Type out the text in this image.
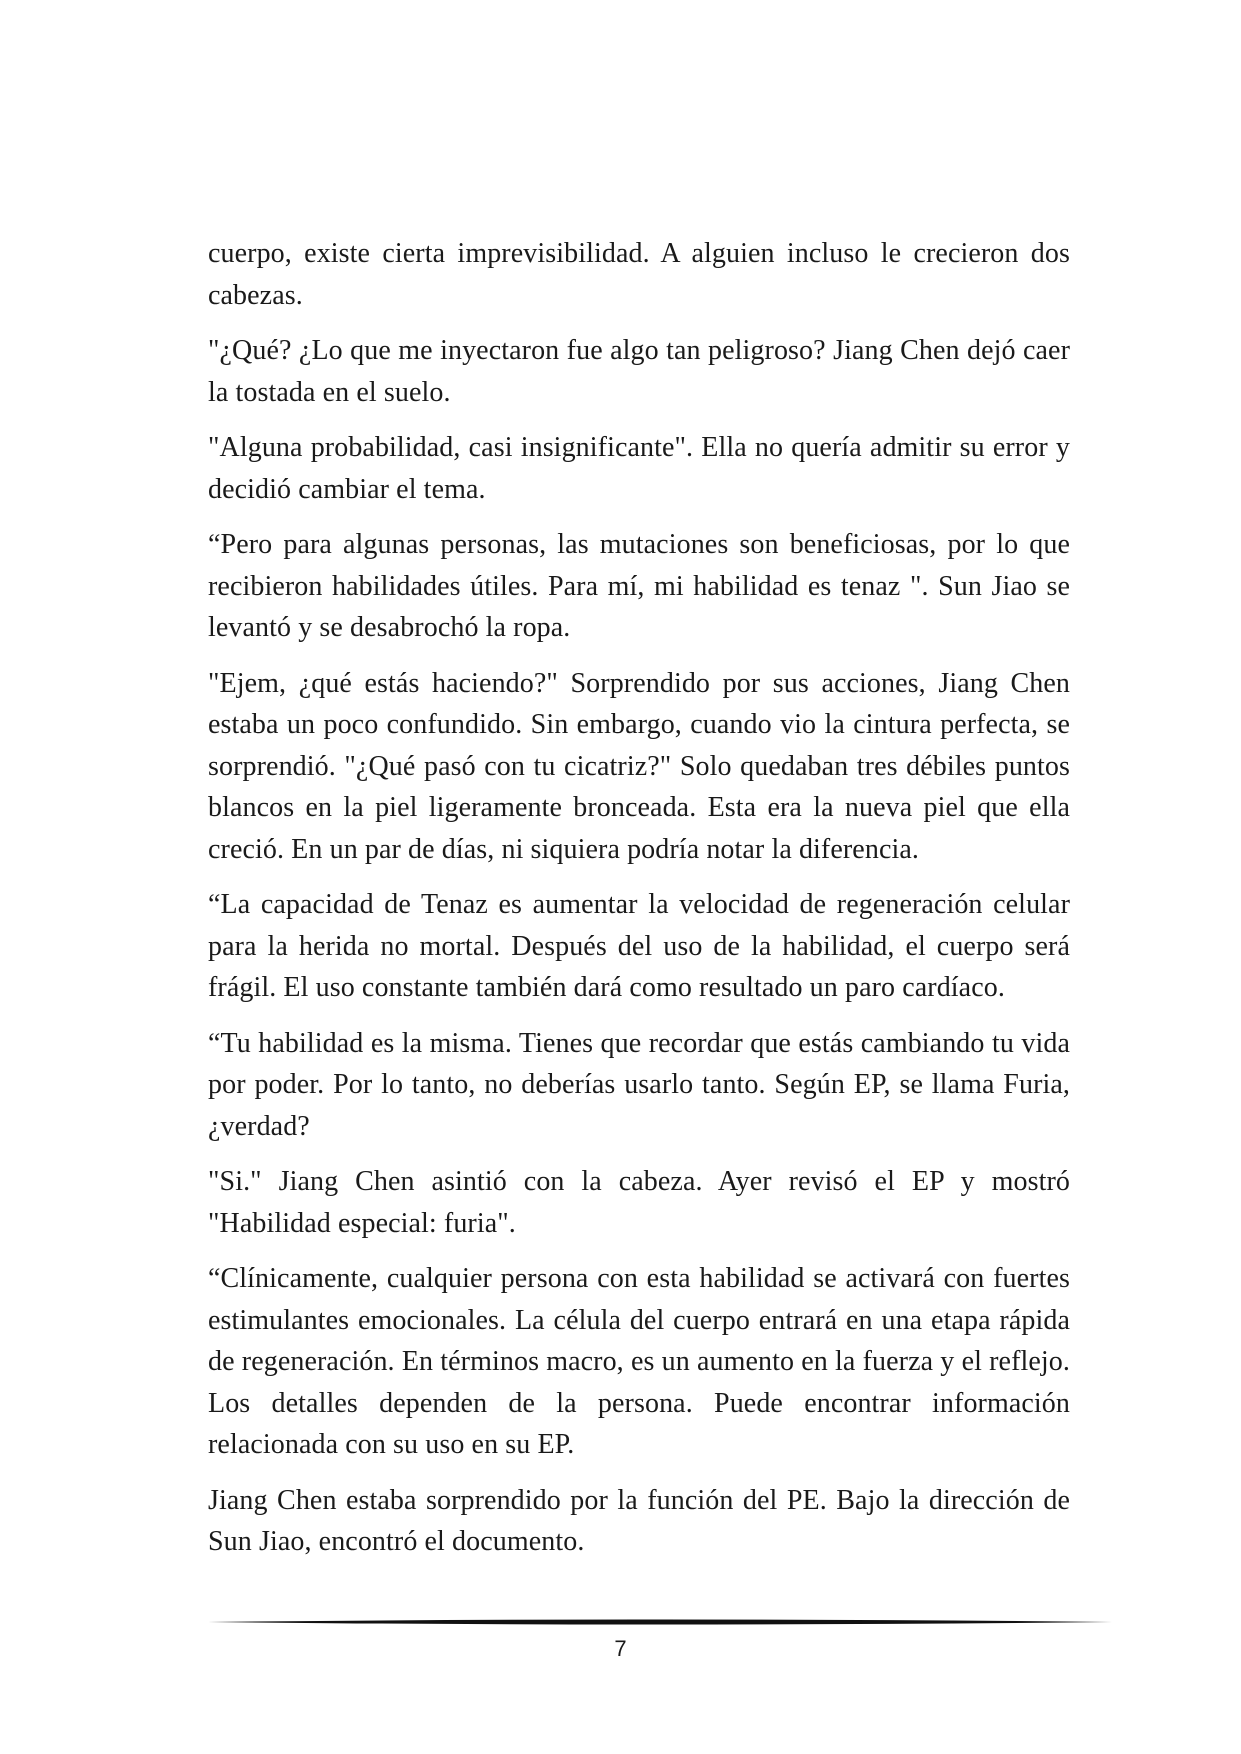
cuerpo, existe cierta imprevisibilidad. A alguien incluso le crecieron dos cabezas.

"¿Qué? ¿Lo que me inyectaron fue algo tan peligroso? Jiang Chen dejó caer la tostada en el suelo.

"Alguna probabilidad, casi insignificante". Ella no quería admitir su error y decidió cambiar el tema.

“Pero para algunas personas, las mutaciones son beneficiosas, por lo que recibieron habilidades útiles. Para mí, mi habilidad es tenaz ". Sun Jiao se levantó y se desabrochó la ropa.

"Ejem, ¿qué estás haciendo?" Sorprendido por sus acciones, Jiang Chen estaba un poco confundido. Sin embargo, cuando vio la cintura perfecta, se sorprendió. "¿Qué pasó con tu cicatriz?" Solo quedaban tres débiles puntos blancos en la piel ligeramente bronceada. Esta era la nueva piel que ella creció. En un par de días, ni siquiera podría notar la diferencia.

“La capacidad de Tenaz es aumentar la velocidad de regeneración celular para la herida no mortal. Después del uso de la habilidad, el cuerpo será frágil. El uso constante también dará como resultado un paro cardíaco.

“Tu habilidad es la misma. Tienes que recordar que estás cambiando tu vida por poder. Por lo tanto, no deberías usarlo tanto. Según EP, se llama Furia, ¿verdad?

"Si." Jiang Chen asintió con la cabeza. Ayer revisó el EP y mostró "Habilidad especial: furia".

“Clínicamente, cualquier persona con esta habilidad se activará con fuertes estimulantes emocionales. La célula del cuerpo entrará en una etapa rápida de regeneración. En términos macro, es un aumento en la fuerza y el reflejo. Los detalles dependen de la persona. Puede encontrar información relacionada con su uso en su EP.

Jiang Chen estaba sorprendido por la función del PE. Bajo la dirección de Sun Jiao, encontró el documento.

7
